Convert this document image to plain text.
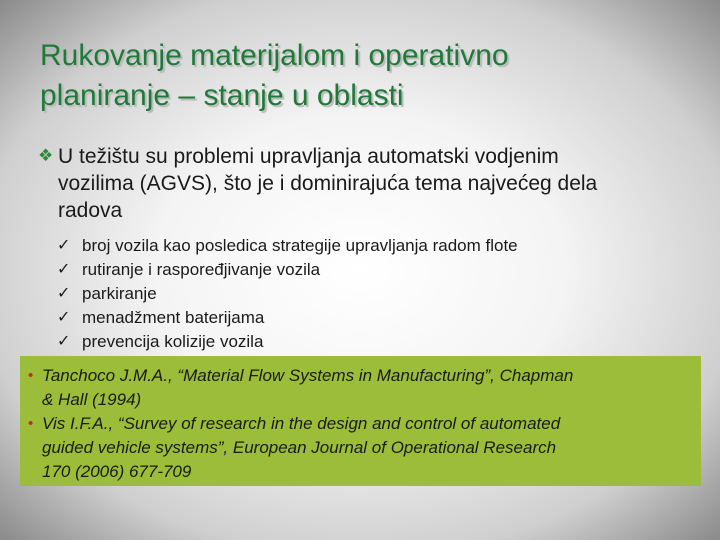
Rukovanje materijalom i operativno
planiranje – stanje u oblasti
❖ U težištu su problemi upravljanja automatski vodjenim
vozilima (AGVS), što je i dominirajuća tema najvećeg dela
radova
✓ broj vozila kao posledica strategije upravljanja radom flote
✓ rutiranje i raspoređjivanje vozila
✓ parkiranje
✓ menadžment baterijama
✓ prevencija kolizije vozila
• Tanchoco J.M.A., “Material Flow Systems in Manufacturing”, Chapman
& Hall (1994)
• Vis I.F.A., “Survey of research in the design and control of automated
guided vehicle systems”, European Journal of Operational Research
170 (2006) 677-709
